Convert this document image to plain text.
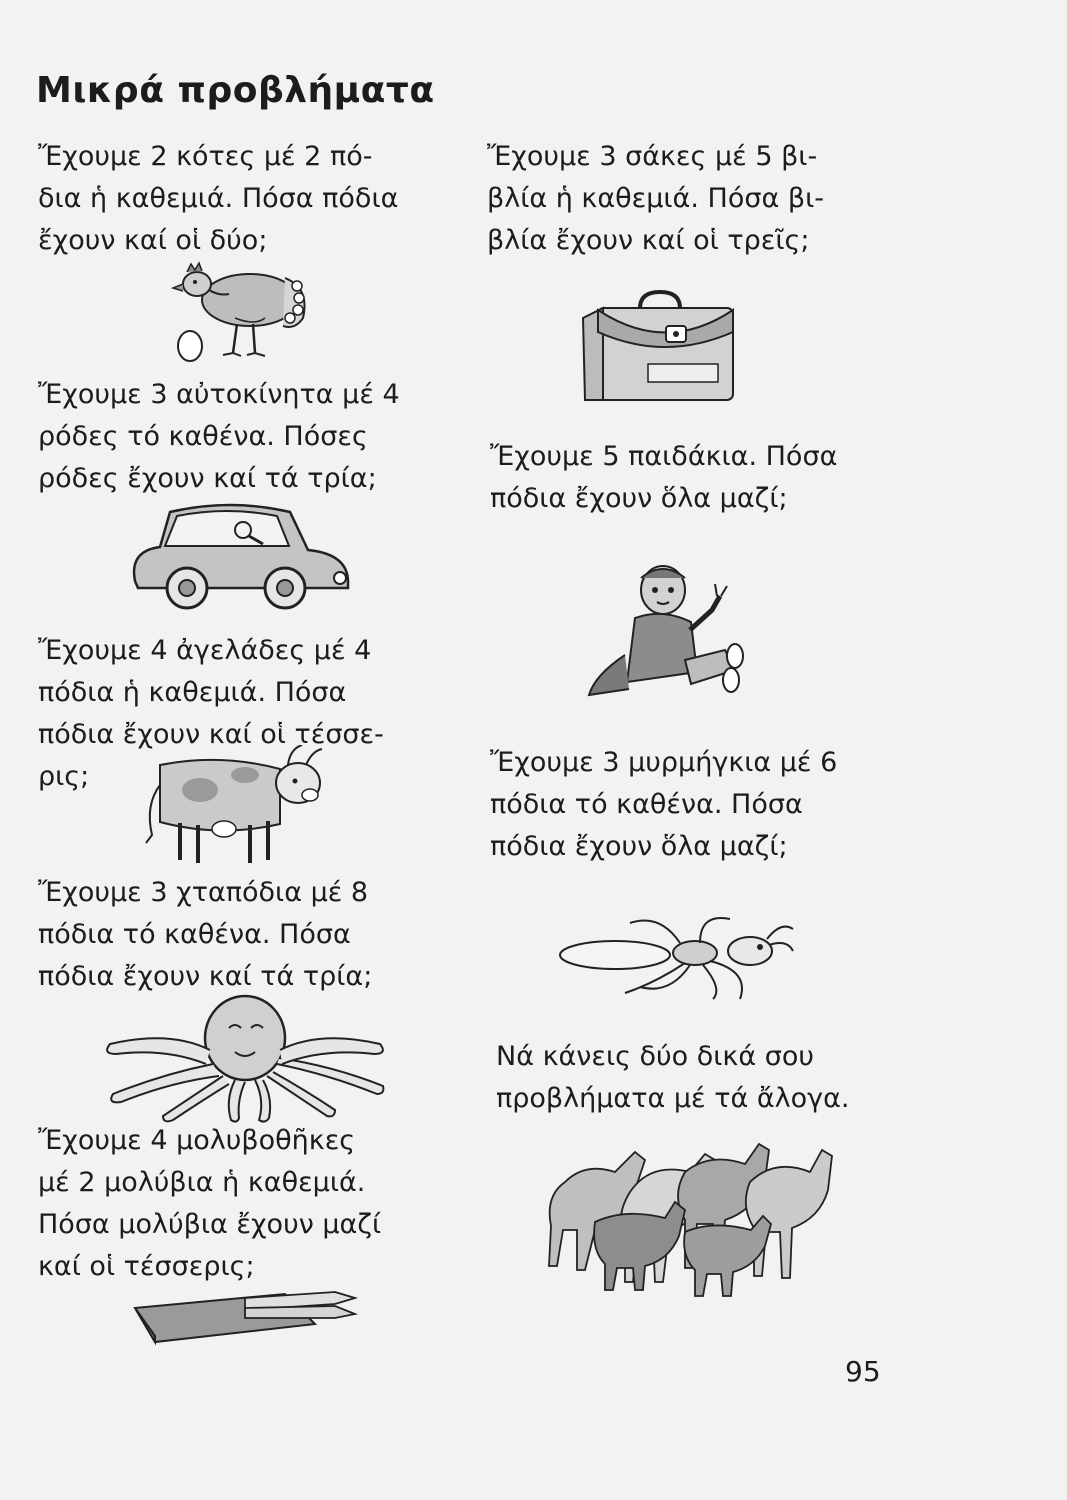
Μικρά προβλήματα
Ἔχουμε 2 κότες μέ 2 πό-
δια ἡ καθεμιά. Πόσα πόδια
ἔχουν καί οἱ δύο;
Ἔχουμε 3 σάκες μέ 5 βι-
βλία ἡ καθεμιά. Πόσα βι-
βλία ἔχουν καί οἱ τρεῖς;
Ἔχουμε 3 αὐτοκίνητα μέ 4
ρόδες τό καθένα. Πόσες
ρόδες ἔχουν καί τά τρία;
Ἔχουμε 5 παιδάκια. Πόσα
πόδια ἔχουν ὅλα μαζί;
Ἔχουμε 4 ἀγελάδες μέ 4
πόδια ἡ καθεμιά. Πόσα
πόδια ἔχουν καί οἱ τέσσε-
ρις;	Ἔχουμε 3 μυρμήγκια μέ 6
πόδια τό καθένα. Πόσα
πόδια ἔχουν ὅλα μαζί;
Ἔχουμε 3 χταπόδια μέ 8
πόδια τό καθένα. Πόσα
πόδια ἔχουν καί τά τρία;
Νά κάνεις δύο δικά σου
προβλήματα μέ τά ἄλογα.
Ἔχουμε 4 μολυβοθῆκες
μέ 2 μολύβια ἡ καθεμιά.
Πόσα μολύβια ἔχουν μαζί
καί οἱ τέσσερις;
95
